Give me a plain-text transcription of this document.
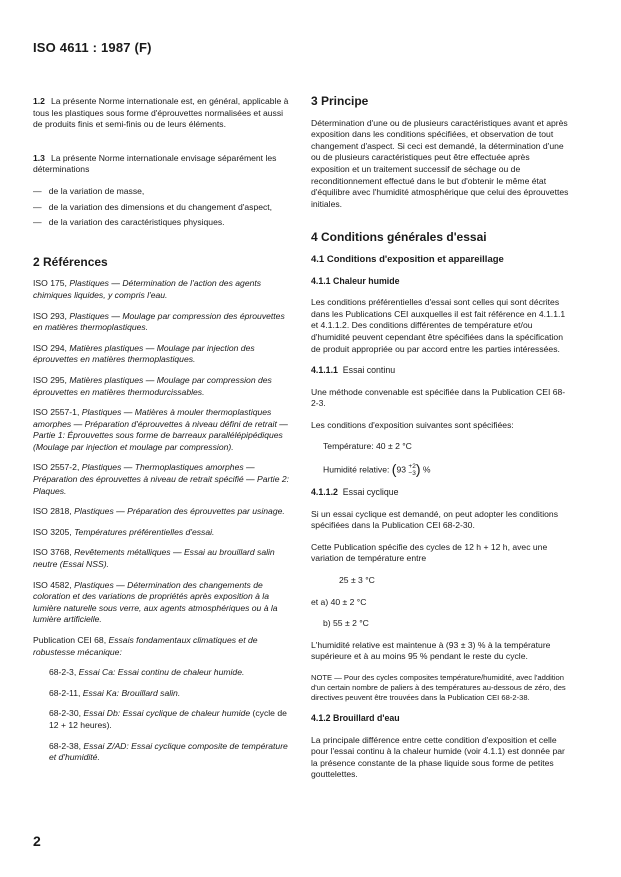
ISO 4611 : 1987 (F)

1.2 La présente Norme internationale est, en général, applicable à tous les plastiques sous forme d'éprouvettes normalisées et aussi de produits finis et semi-finis ou de leurs éléments.

1.3 La présente Norme internationale envisage séparément les déterminations

— de la variation de masse,
— de la variation des dimensions et du changement d'aspect,
— de la variation des caractéristiques physiques.
2 Références
ISO 175, Plastiques — Détermination de l'action des agents chimiques liquides, y compris l'eau.
ISO 293, Plastiques — Moulage par compression des éprouvettes en matières thermoplastiques.
ISO 294, Matières plastiques — Moulage par injection des éprouvettes en matières thermoplastiques.
ISO 295, Matières plastiques — Moulage par compression des éprouvettes en matières thermodurcissables.
ISO 2557-1, Plastiques — Matières à mouler thermoplastiques amorphes — Préparation d'éprouvettes à niveau défini de retrait — Partie 1: Éprouvettes sous forme de barreaux parallélépipédiques (Moulage par injection et moulage par compression).
ISO 2557-2, Plastiques — Thermoplastiques amorphes — Préparation des éprouvettes à niveau de retrait spécifié — Partie 2: Plaques.
ISO 2818, Plastiques — Préparation des éprouvettes par usinage.
ISO 3205, Températures préférentielles d'essai.
ISO 3768, Revêtements métalliques — Essai au brouillard salin neutre (Essai NSS).
ISO 4582, Plastiques — Détermination des changements de coloration et des variations de propriétés après exposition à la lumière naturelle sous verre, aux agents atmosphériques ou à la lumière artificielle.
Publication CEI 68, Essais fondamentaux climatiques et de robustesse mécanique:
68-2-3, Essai Ca: Essai continu de chaleur humide.
68-2-11, Essai Ka: Brouillard salin.
68-2-30, Essai Db: Essai cyclique de chaleur humide (cycle de 12 + 12 heures).
68-2-38, Essai Z/AD: Essai cyclique composite de température et d'humidité.
3 Principe

Détermination d'une ou de plusieurs caractéristiques avant et après exposition dans les conditions spécifiées, et observation de tout changement d'aspect. Si ceci est demandé, la détermination d'une ou de plusieurs caractéristiques peut être effectuée après exposition et un traitement successif de séchage ou de reconditionnement effectué dans le but d'obtenir le même état d'équilibre avec l'humidité atmosphérique que celui des éprouvettes initiales.

4 Conditions générales d'essai
4.1 Conditions d'exposition et appareillage
4.1.1 Chaleur humide

Les conditions préférentielles d'essai sont celles qui sont décrites dans les Publications CEI auxquelles il est fait référence en 4.1.1.1 et 4.1.1.2. Des conditions différentes de température et/ou d'humidité peuvent cependant être spécifiées dans la spécification de produit appropriée ou par accord entre les parties intéressées.

4.1.1.1 Essai continu

Une méthode convenable est spécifiée dans la Publication CEI 68-2-3.

Les conditions d'exposition suivantes sont spécifiées:

Température: 40 ± 2 °C

Humidité relative: (93 +2
−3) %

4.1.1.2 Essai cyclique

Si un essai cyclique est demandé, on peut adopter les conditions spécifiées dans la Publication CEI 68-2-30.

Cette Publication spécifie des cycles de 12 h + 12 h, avec une variation de température entre

25 ± 3 °C

et a) 40 ± 2 °C

b) 55 ± 2 °C

L'humidité relative est maintenue à (93 ± 3) % à la température supérieure et à au moins 95 % pendant le reste du cycle.

NOTE — Pour des cycles composites température/humidité, avec l'addition d'un certain nombre de paliers à des températures au-dessous de zéro, des directives peuvent être trouvées dans la Publication CEI 68-2-38.

4.1.2 Brouillard d'eau

La principale différence entre cette condition d'exposition et celle pour l'essai continu à la chaleur humide (voir 4.1.1) est donnée par la présence constante de la phase liquide sous forme de petites gouttelettes.

2
